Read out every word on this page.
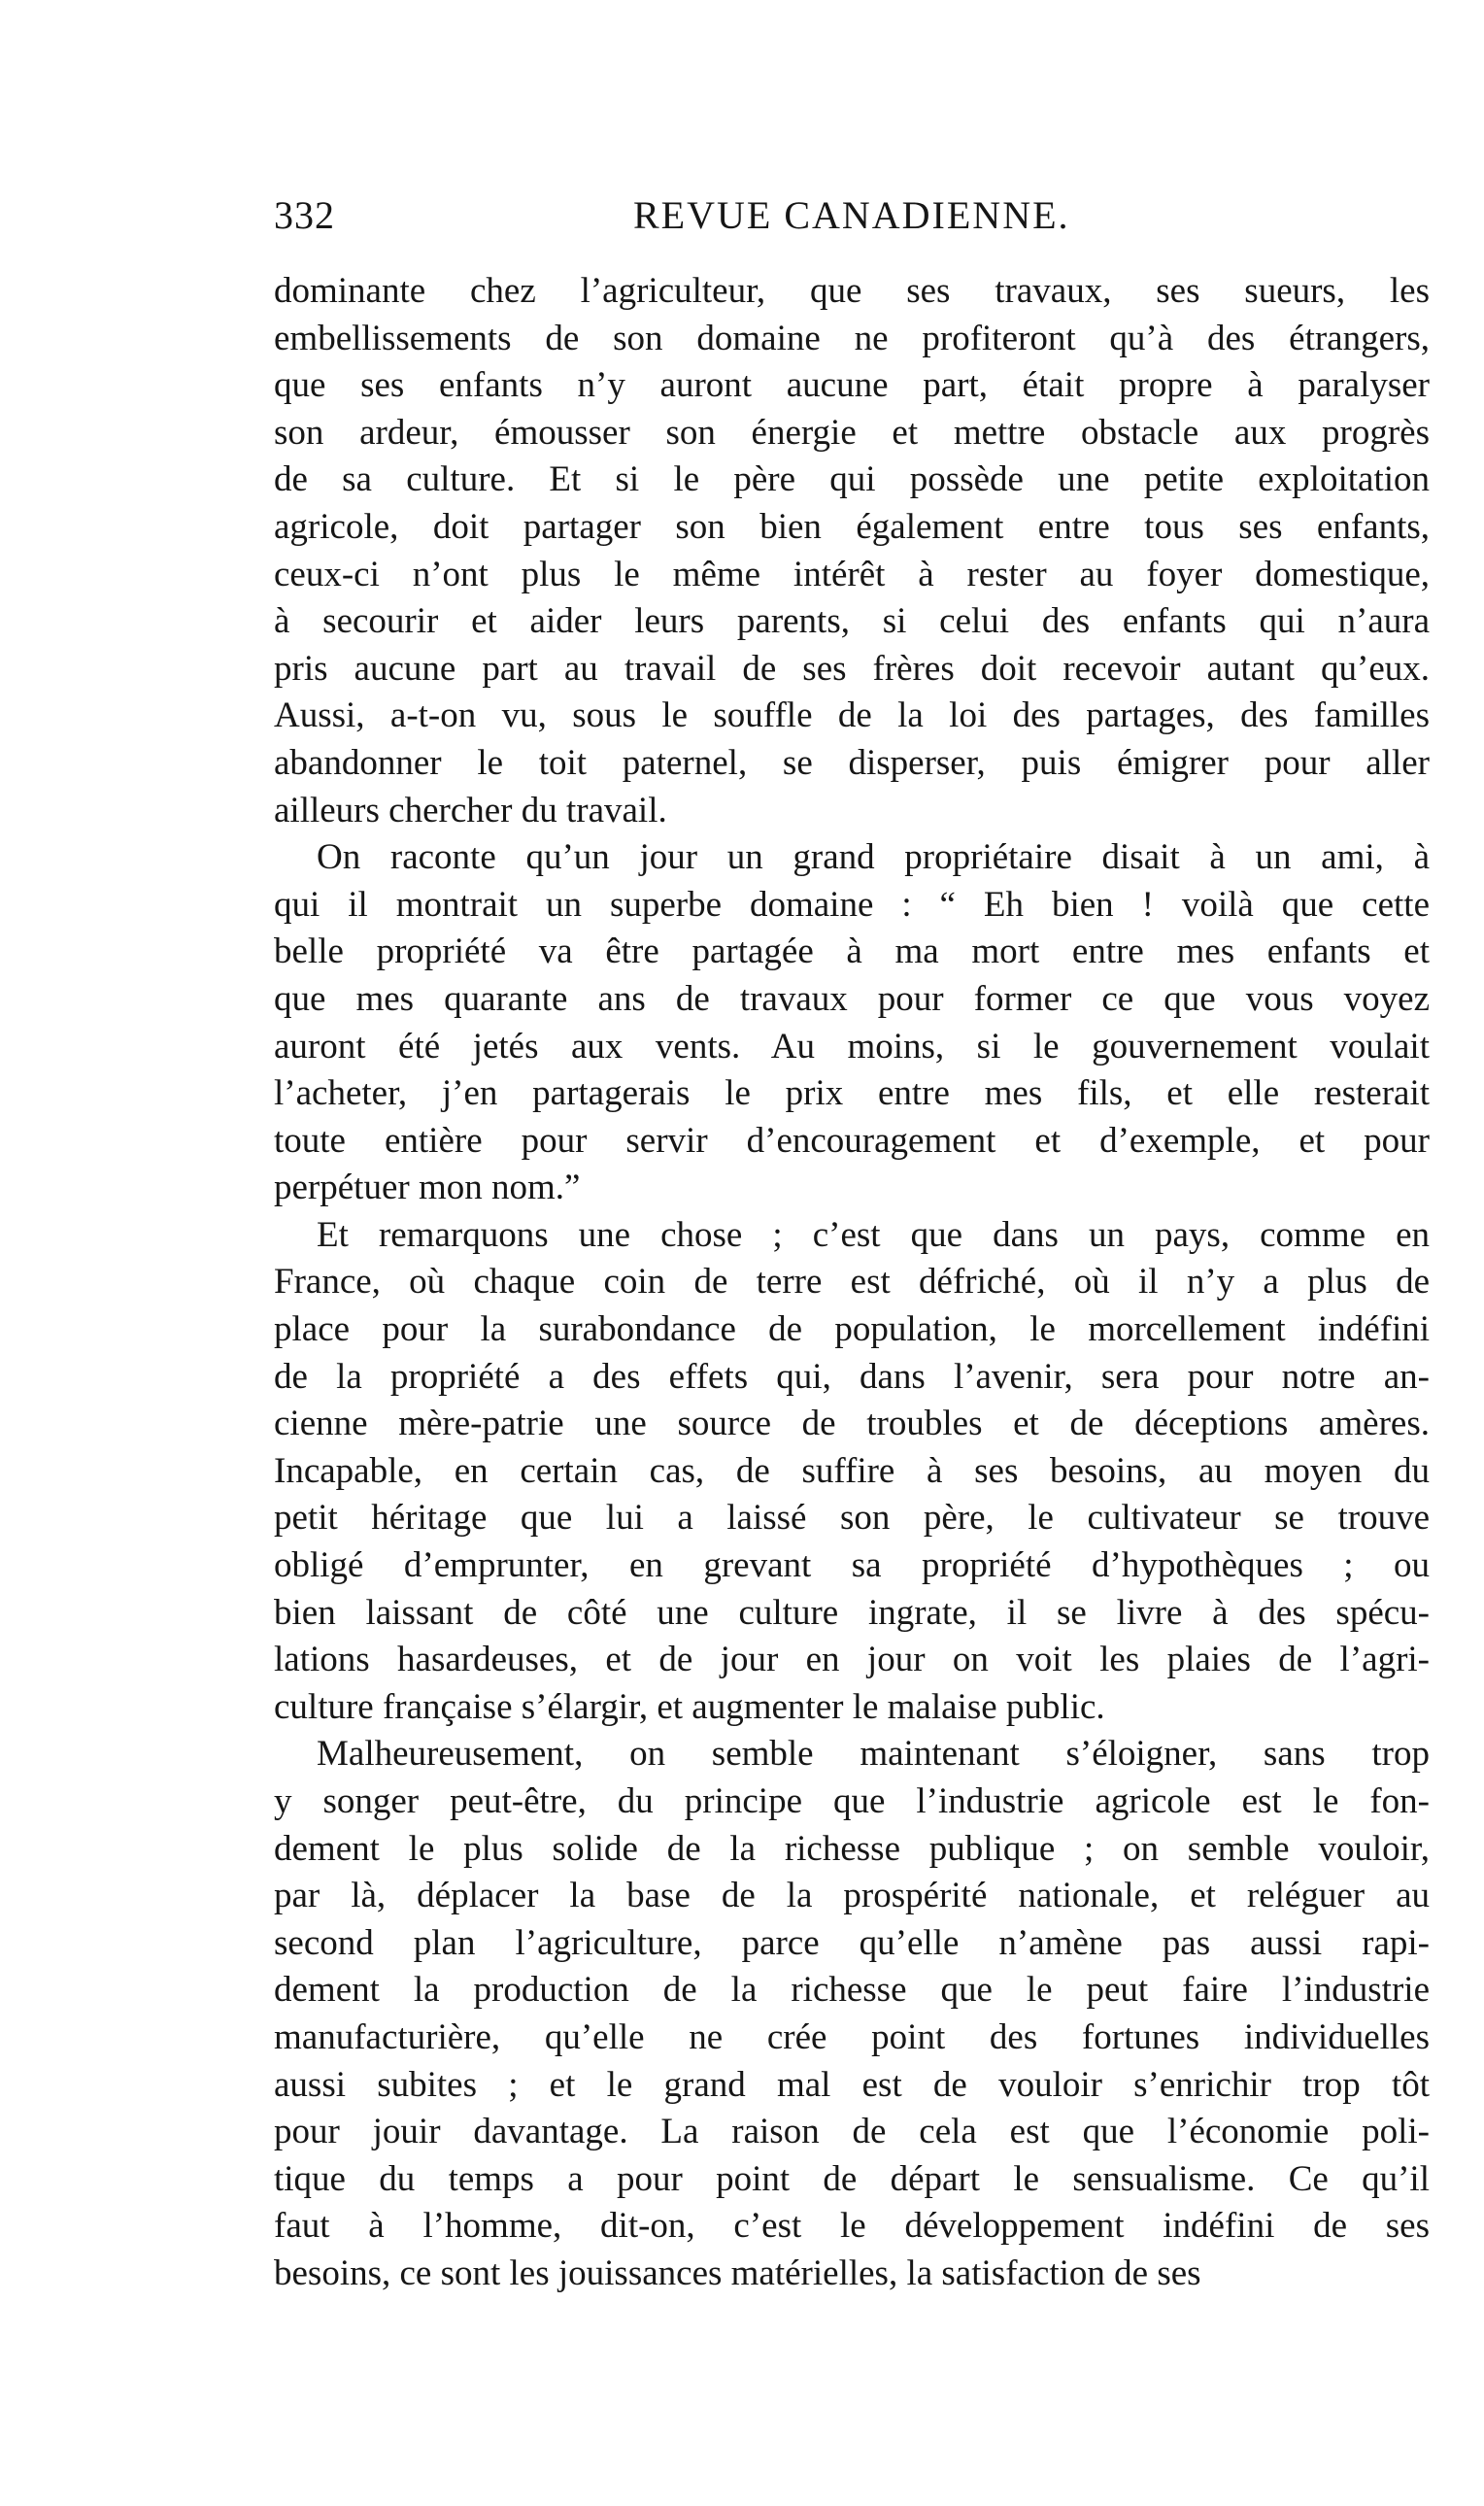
332	REVUE CANADIENNE.
dominante chez l’agriculteur, que ses travaux, ses sueurs, les
embellissements de son domaine ne profiteront qu’à des étrangers,
que ses enfants n’y auront aucune part, était propre à paralyser
son ardeur, émousser son énergie et mettre obstacle aux progrès
de sa culture. Et si le père qui possède une petite exploitation
agricole, doit partager son bien également entre tous ses enfants,
ceux-ci n’ont plus le même intérêt à rester au foyer domestique,
à secourir et aider leurs parents, si celui des enfants qui n’aura
pris aucune part au travail de ses frères doit recevoir autant qu’eux.
Aussi, a-t-on vu, sous le souffle de la loi des partages, des familles
abandonner le toit paternel, se disperser, puis émigrer pour aller
ailleurs chercher du travail.
On raconte qu’un jour un grand propriétaire disait à un ami, à
qui il montrait un superbe domaine : “ Eh bien ! voilà que cette
belle propriété va être partagée à ma mort entre mes enfants et
que mes quarante ans de travaux pour former ce que vous voyez
auront été jetés aux vents. Au moins, si le gouvernement voulait
l’acheter, j’en partagerais le prix entre mes fils, et elle resterait
toute entière pour servir d’encouragement et d’exemple, et pour
perpétuer mon nom.”
Et remarquons une chose ; c’est que dans un pays, comme en
France, où chaque coin de terre est défriché, où il n’y a plus de
place pour la surabondance de population, le morcellement indéfini
de la propriété a des effets qui, dans l’avenir, sera pour notre an-
cienne mère-patrie une source de troubles et de déceptions amères.
Incapable, en certain cas, de suffire à ses besoins, au moyen du
petit héritage que lui a laissé son père, le cultivateur se trouve
obligé d’emprunter, en grevant sa propriété d’hypothèques ; ou
bien laissant de côté une culture ingrate, il se livre à des spécu-
lations hasardeuses, et de jour en jour on voit les plaies de l’agri-
culture française s’élargir, et augmenter le malaise public.
Malheureusement, on semble maintenant s’éloigner, sans trop
y songer peut-être, du principe que l’industrie agricole est le fon-
dement le plus solide de la richesse publique ; on semble vouloir,
par là, déplacer la base de la prospérité nationale, et reléguer au
second plan l’agriculture, parce qu’elle n’amène pas aussi rapi-
dement la production de la richesse que le peut faire l’industrie
manufacturière, qu’elle ne crée point des fortunes individuelles
aussi subites ; et le grand mal est de vouloir s’enrichir trop tôt
pour jouir davantage. La raison de cela est que l’économie poli-
tique du temps a pour point de départ le sensualisme. Ce qu’il
faut à l’homme, dit-on, c’est le développement indéfini de ses
besoins, ce sont les jouissances matérielles, la satisfaction de ses
